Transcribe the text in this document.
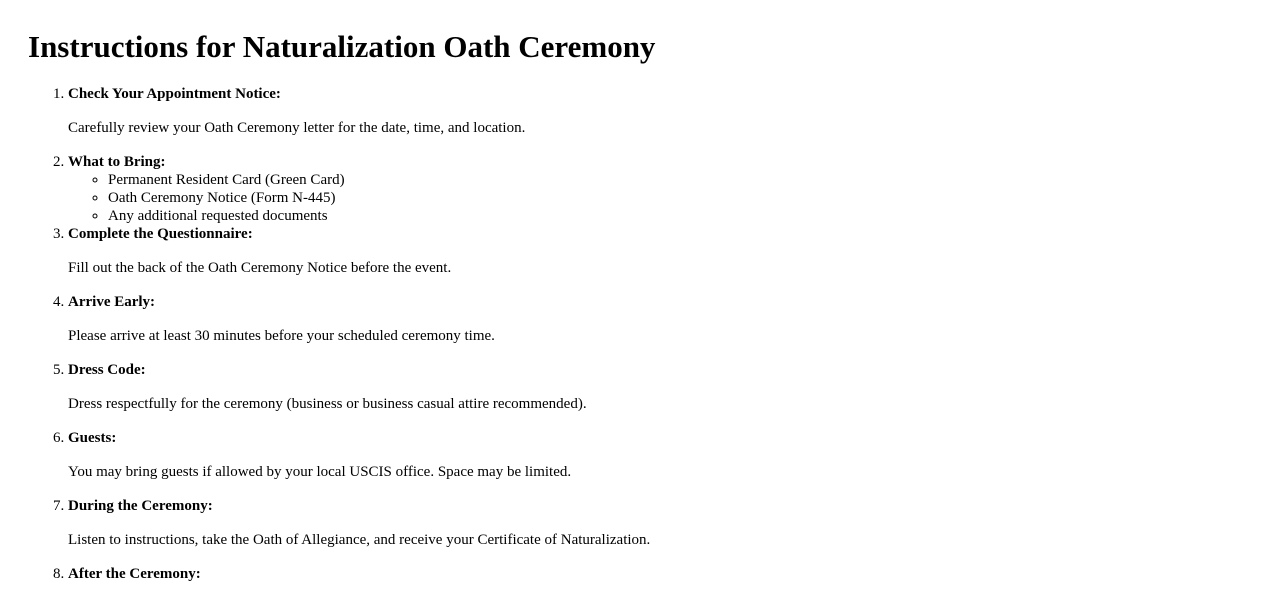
Instructions for Naturalization Oath Ceremony
1. Check Your Appointment Notice:
Carefully review your Oath Ceremony letter for the date, time, and location.
2. What to Bring:
◦ Permanent Resident Card (Green Card)
◦ Oath Ceremony Notice (Form N-445)
◦ Any additional requested documents
3. Complete the Questionnaire:
Fill out the back of the Oath Ceremony Notice before the event.
4. Arrive Early:
Please arrive at least 30 minutes before your scheduled ceremony time.
5. Dress Code:
Dress respectfully for the ceremony (business or business casual attire recommended).
6. Guests:
You may bring guests if allowed by your local USCIS office. Space may be limited.
7. During the Ceremony:
Listen to instructions, take the Oath of Allegiance, and receive your Certificate of Naturalization.
8. After the Ceremony:
